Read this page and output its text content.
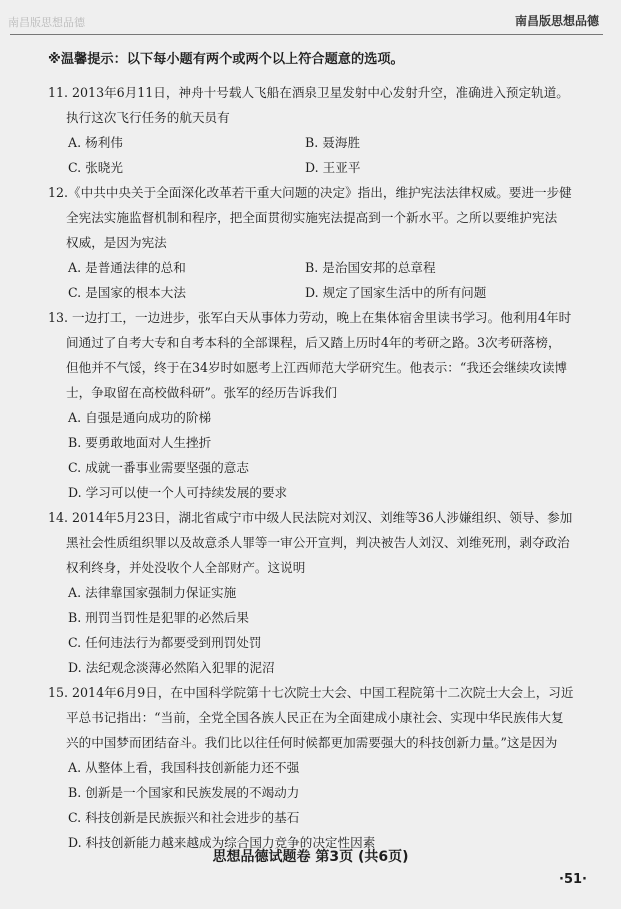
南昌版思想品德	南昌版思想品德
※温馨提示：以下每小题有两个或两个以上符合题意的选项。
11. 2013年6月11日，神舟十号载人飞船在酒泉卫星发射中心发射升空，准确进入预定轨道。
执行这次飞行任务的航天员有
A. 杨利伟	B. 聂海胜
C. 张晓光	D. 王亚平
12.《中共中央关于全面深化改革若干重大问题的决定》指出，维护宪法法律权威。要进一步健
全宪法实施监督机制和程序，把全面贯彻实施宪法提高到一个新水平。之所以要维护宪法
权威，是因为宪法
A. 是普通法律的总和	B. 是治国安邦的总章程
C. 是国家的根本大法	D. 规定了国家生活中的所有问题
13. 一边打工，一边进步，张军白天从事体力劳动，晚上在集体宿舍里读书学习。他利用4年时
间通过了自考大专和自考本科的全部课程，后又踏上历时4年的考研之路。3次考研落榜，
但他并不气馁，终于在34岁时如愿考上江西师范大学研究生。他表示：“我还会继续攻读博
士，争取留在高校做科研”。张军的经历告诉我们
A. 自强是通向成功的阶梯
B. 要勇敢地面对人生挫折
C. 成就一番事业需要坚强的意志
D. 学习可以使一个人可持续发展的要求
14. 2014年5月23日，湖北省咸宁市中级人民法院对刘汉、刘维等36人涉嫌组织、领导、参加
黑社会性质组织罪以及故意杀人罪等一审公开宣判，判决被告人刘汉、刘维死刑，剥夺政治
权利终身，并处没收个人全部财产。这说明
A. 法律靠国家强制力保证实施
B. 刑罚当罚性是犯罪的必然后果
C. 任何违法行为都要受到刑罚处罚
D. 法纪观念淡薄必然陷入犯罪的泥沼
15. 2014年6月9日，在中国科学院第十七次院士大会、中国工程院第十二次院士大会上，习近
平总书记指出：“当前，全党全国各族人民正在为全面建成小康社会、实现中华民族伟大复
兴的中国梦而团结奋斗。我们比以往任何时候都更加需要强大的科技创新力量。”这是因为
A. 从整体上看，我国科技创新能力还不强
B. 创新是一个国家和民族发展的不竭动力
C. 科技创新是民族振兴和社会进步的基石
D. 科技创新能力越来越成为综合国力竞争的决定性因素
思想品德试题卷 第3页 (共6页)
·51·
